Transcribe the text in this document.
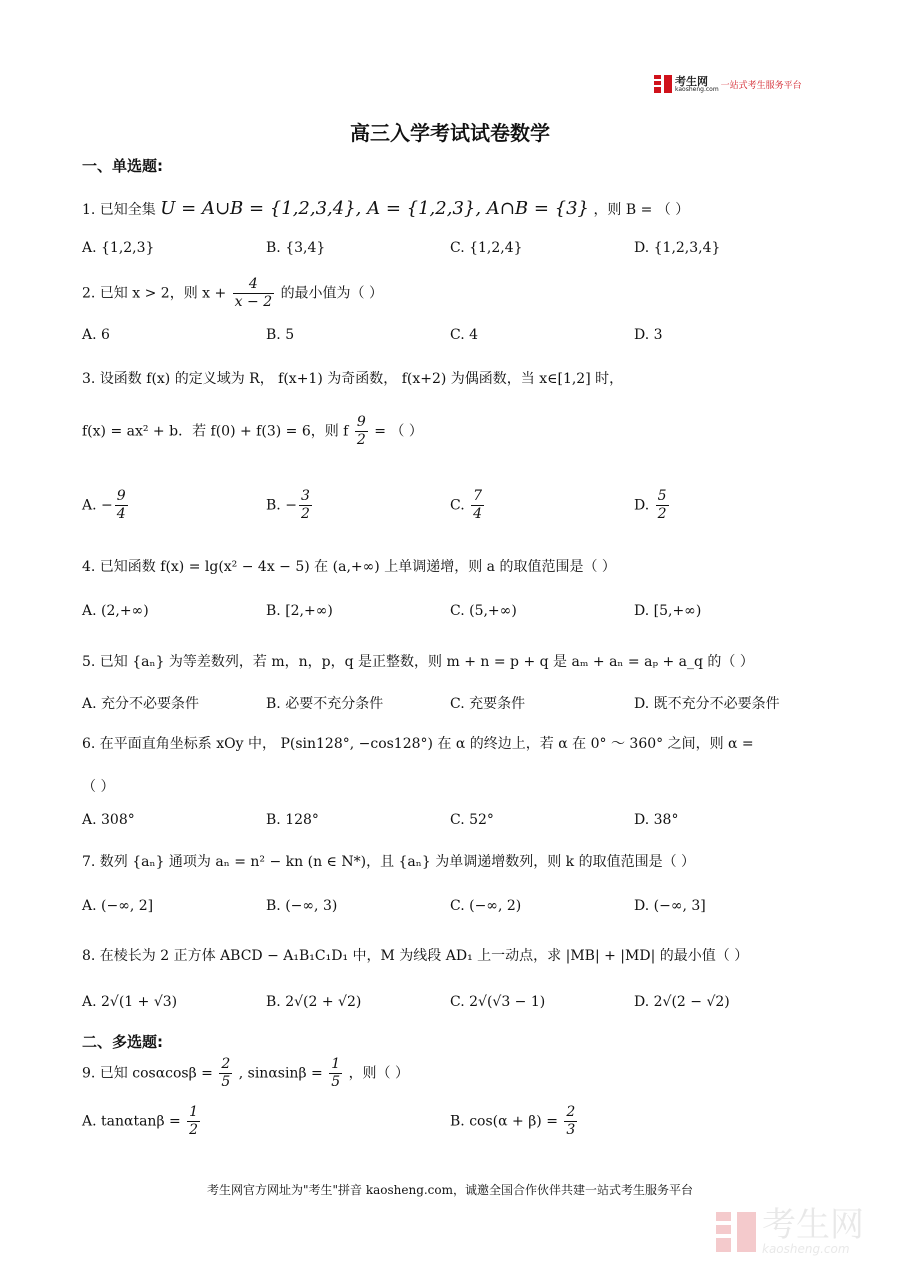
考生网
kaosheng.com 一站式考生服务平台
高三入学考试试卷数学
一、单选题:
1. 已知全集 U = A∪B = {1,2,3,4}, A = {1,2,3}, A∩B = {3} ，则 B = （ ）
A. {1,2,3}	B. {3,4}	C. {1,2,4}	D. {1,2,3,4}
2. 已知 x > 2，则 $x + \frac{4}{x - 2}$ 的最小值为（ ）
A. 6	B. 5	C. 4	D. 3
3. 设函数 f(x) 的定义域为 R， f(x+1) 为奇函数， f(x+2) 为偶函数，当 x∈[1,2] 时，
f(x) = ax² + b．若 f(0) + f(3) = 6，则 f $\frac{9}{2}$ = （ ）
A. − $\frac{9}{4}$	B. − $\frac{3}{2}$	C. $\frac{7}{4}$	D. $\frac{5}{2}$
4. 已知函数 f(x) = lg(x² − 4x − 5) 在 (a,+∞) 上单调递增，则 a 的取值范围是（ ）
A. (2,+∞)	B. [2,+∞)	C. (5,+∞)	D. [5,+∞)
5. 已知 {aₙ} 为等差数列，若 m，n，p，q 是正整数，则 m + n = p + q 是 aₘ + aₙ = aₚ + a_q 的（ ）
A. 充分不必要条件	B. 必要不充分条件	C. 充要条件	D. 既不充分不必要条件
6. 在平面直角坐标系 xOy 中， P(sin128°, −cos128°) 在 α 的终边上，若 α 在 0° ～ 360° 之间，则 α =
（ ）
A. 308°	B. 128°	C. 52°	D. 38°
7. 数列 {aₙ} 通项为 aₙ = n² − kn (n ∈ N*)，且 {aₙ} 为单调递增数列，则 k 的取值范围是（ ）
A. (−∞, 2]	B. (−∞, 3)	C. (−∞, 2)	D. (−∞, 3]
8. 在棱长为 2 正方体 ABCD − A₁B₁C₁D₁ 中，M 为线段 AD₁ 上一动点，求 |MB| + |MD| 的最小值（ ）
A. 2√(1 + √3)	B. 2√(2 + √2)	C. 2√(√3 − 1)	D. 2√(2 − √2)
二、多选题:
9. 已知 $\cos\alpha\cos\beta = \frac{2}{5}$ , $\sin\alpha\sin\beta = \frac{1}{5}$ ，则（ ）
A. $\tan\alpha\tan\beta = \frac{1}{2}$	B. $\cos(\alpha + \beta) = \frac{2}{3}$
考生网官方网址为"考生"拼音 kaosheng.com，诚邀全国合作伙伴共建一站式考生服务平台
考生网
kaosheng.com
